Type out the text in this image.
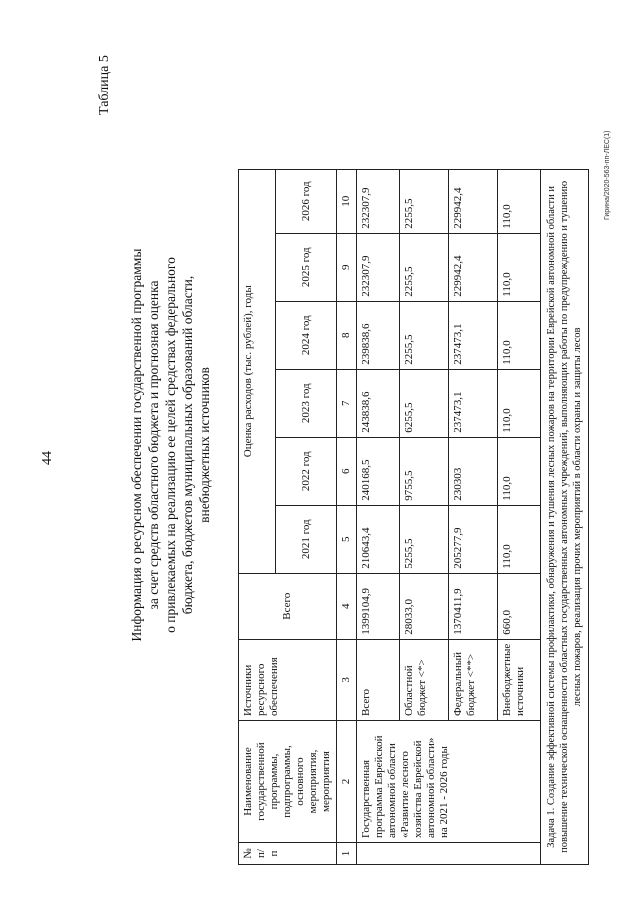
44
Таблица 5
Гирина/2020-563-пп-ЛЕС(1)
Информация о ресурсном обеспечении государственной программы за счет средств областного бюджета и прогнозная оценка о привлекаемых на реализацию ее целей средствах федерального бюджета, бюджетов муниципальных образований области, внебюджетных источников
№ п/п	Наименование государственной программы, подпрограммы, основного мероприятия, мероприятия	Источники ресурсного обеспечения	Всего	Оценка расходов (тыс. рублей), годы					
				2021 год	2022 год	2023 год	2024 год	2025 год	2026 год
1	2	3	4	5	6	7	8	9	10
	Государственная программа Еврейской автономной области «Развитие лесного хозяйства Еврейской автономной области» на 2021 - 2026 годы	Всего	1399104,9	210643,4	240168,5	243838,6	239838,6	232307,9	232307,9
		Областной бюджет <*>	28033,0	5255,5	9755,5	6255,5	2255,5	2255,5	2255,5
		Федеральный бюджет <**>	1370411,9	205277,9	230303	237473,1	237473,1	229942,4	229942,4
		Внебюджетные источники	660,0	110,0	110,0	110,0	110,0	110,0	110,0
Задача 1. Создание эффективной системы профилактики, обнаружения и тушения лесных пожаров на территории Еврейской автономной области и повышение технической оснащенности областных государственных автономных учреждений, выполняющих работы по предупреждению и тушению лесных пожаров, реализация прочих мероприятий в области охраны и защиты лесов									
